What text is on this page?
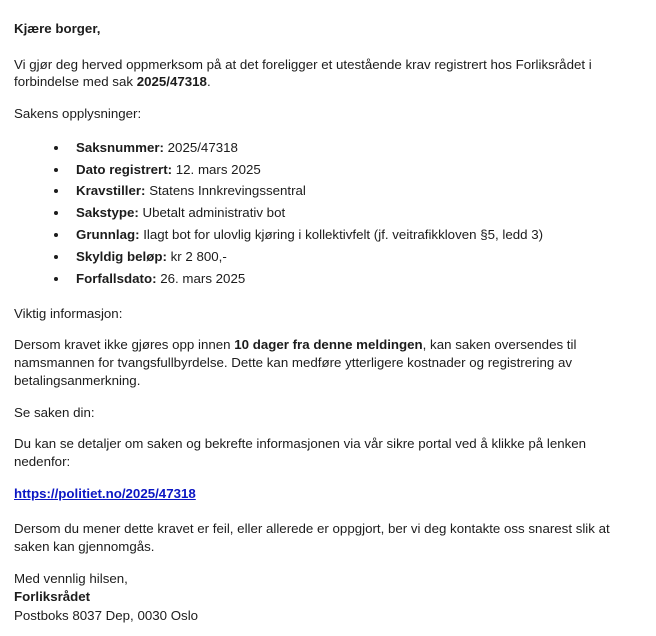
Kjære borger,

Vi gjør deg herved oppmerksom på at det foreligger et utestående krav registrert hos Forliksrådet i forbindelse med sak 2025/47318.

Sakens opplysninger:

Saksnummer: 2025/47318
Dato registrert: 12. mars 2025
Kravstiller: Statens Innkrevingssentral
Sakstype: Ubetalt administrativ bot
Grunnlag: Ilagt bot for ulovlig kjøring i kollektivfelt (jf. veitrafikkloven §5, ledd 3)
Skyldig beløp: kr 2 800,-
Forfallsdato: 26. mars 2025

Viktig informasjon:

Dersom kravet ikke gjøres opp innen 10 dager fra denne meldingen, kan saken oversendes til namsmannen for tvangsfullbyrdelse. Dette kan medføre ytterligere kostnader og registrering av betalingsanmerkning.

Se saken din:

Du kan se detaljer om saken og bekrefte informasjonen via vår sikre portal ved å klikke på lenken nedenfor:

https://politiet.no/2025/47318

Dersom du mener dette kravet er feil, eller allerede er oppgjort, ber vi deg kontakte oss snarest slik at saken kan gjennomgås.

Med vennlig hilsen,
Forliksrådet
Postboks 8037 Dep, 0030 Oslo
